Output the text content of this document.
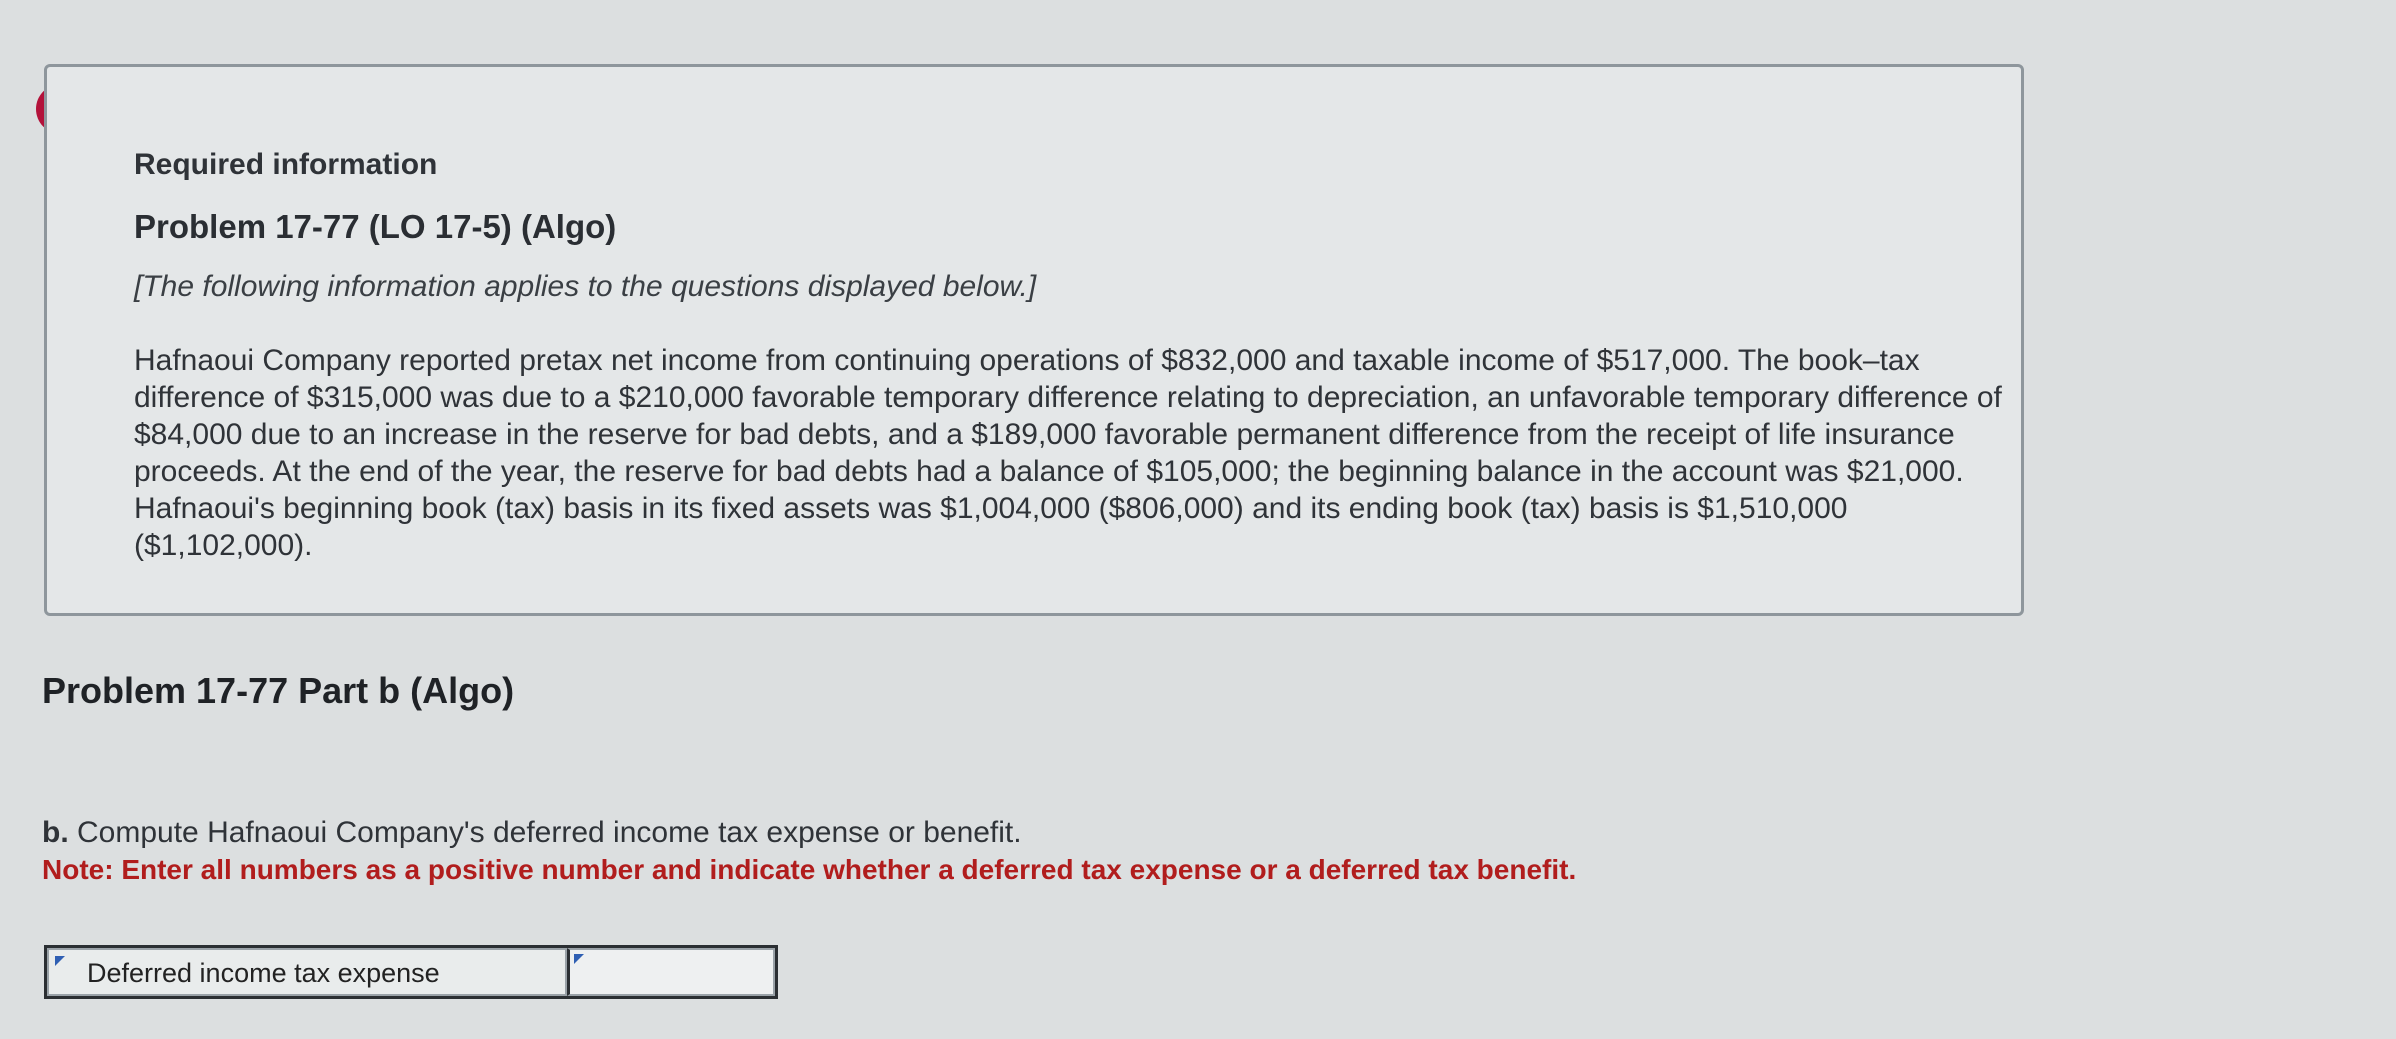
Required information
Problem 17-77 (LO 17-5) (Algo)

[The following information applies to the questions displayed below.]

Hafnaoui Company reported pretax net income from continuing operations of $832,000 and taxable income of $517,000. The book–tax difference of $315,000 was due to a $210,000 favorable temporary difference relating to depreciation, an unfavorable temporary difference of $84,000 due to an increase in the reserve for bad debts, and a $189,000 favorable permanent difference from the receipt of life insurance proceeds. At the end of the year, the reserve for bad debts had a balance of $105,000; the beginning balance in the account was $21,000. Hafnaoui's beginning book (tax) basis in its fixed assets was $1,004,000 ($806,000) and its ending book (tax) basis is $1,510,000 ($1,102,000).

Problem 17-77 Part b (Algo)

b. Compute Hafnaoui Company's deferred income tax expense or benefit.

Note: Enter all numbers as a positive number and indicate whether a deferred tax expense or a deferred tax benefit.

Deferred income tax expense
